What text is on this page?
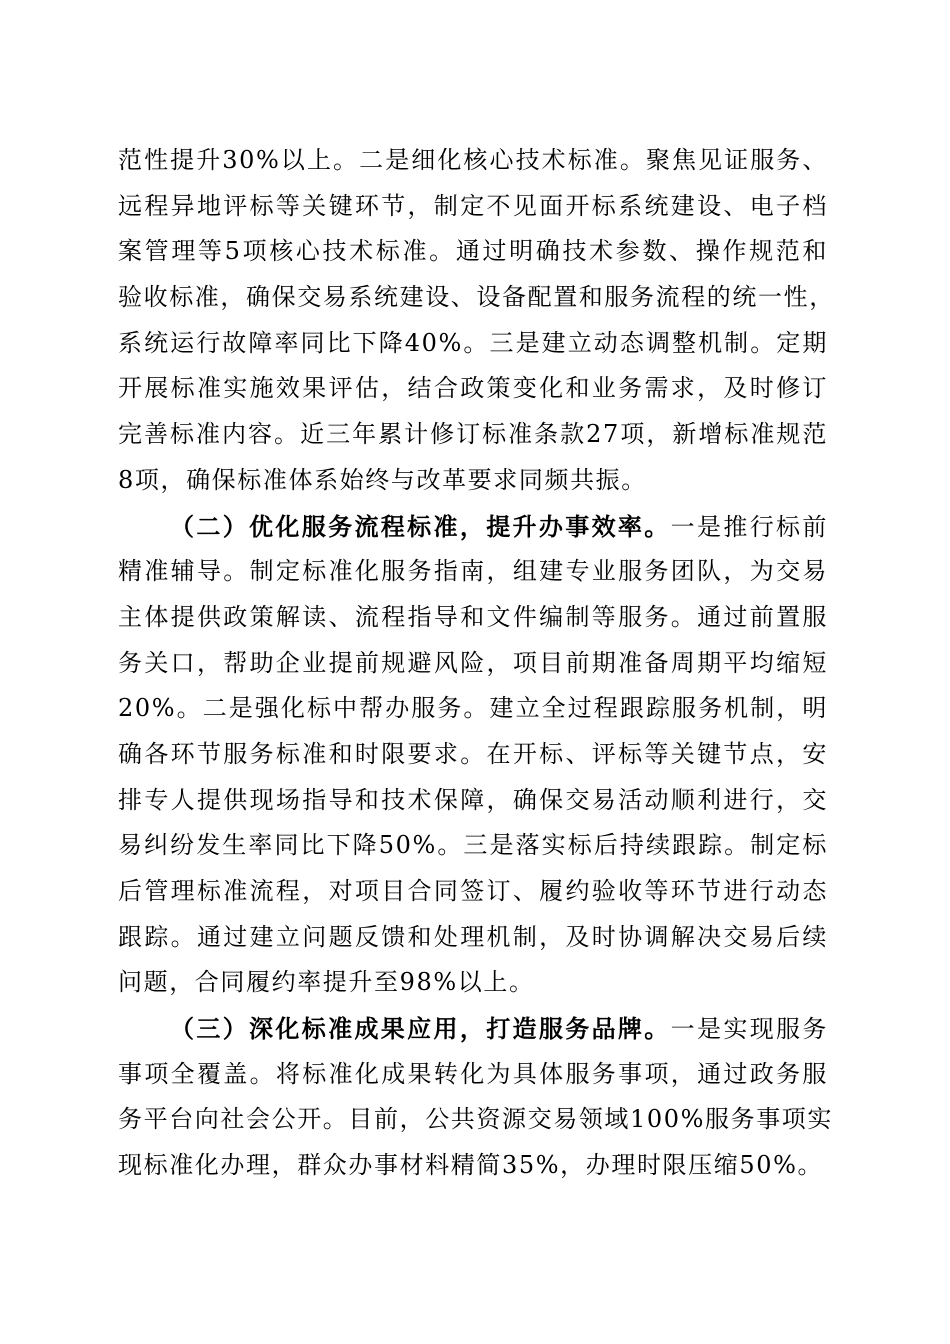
范性提升30%以上。二是细化核心技术标准。聚焦见证服务、
远程异地评标等关键环节，制定不见面开标系统建设、电子档
案管理等5项核心技术标准。通过明确技术参数、操作规范和
验收标准，确保交易系统建设、设备配置和服务流程的统一性，
系统运行故障率同比下降40%。三是建立动态调整机制。定期
开展标准实施效果评估，结合政策变化和业务需求，及时修订
完善标准内容。近三年累计修订标准条款27项，新增标准规范
8项，确保标准体系始终与改革要求同频共振。
（二）优化服务流程标准，提升办事效率。一是推行标前
精准辅导。制定标准化服务指南，组建专业服务团队，为交易
主体提供政策解读、流程指导和文件编制等服务。通过前置服
务关口，帮助企业提前规避风险，项目前期准备周期平均缩短
20%。二是强化标中帮办服务。建立全过程跟踪服务机制，明
确各环节服务标准和时限要求。在开标、评标等关键节点，安
排专人提供现场指导和技术保障，确保交易活动顺利进行，交
易纠纷发生率同比下降50%。三是落实标后持续跟踪。制定标
后管理标准流程，对项目合同签订、履约验收等环节进行动态
跟踪。通过建立问题反馈和处理机制，及时协调解决交易后续
问题，合同履约率提升至98%以上。
（三）深化标准成果应用，打造服务品牌。一是实现服务
事项全覆盖。将标准化成果转化为具体服务事项，通过政务服
务平台向社会公开。目前，公共资源交易领域100%服务事项实
现标准化办理，群众办事材料精简35%，办理时限压缩50%。
